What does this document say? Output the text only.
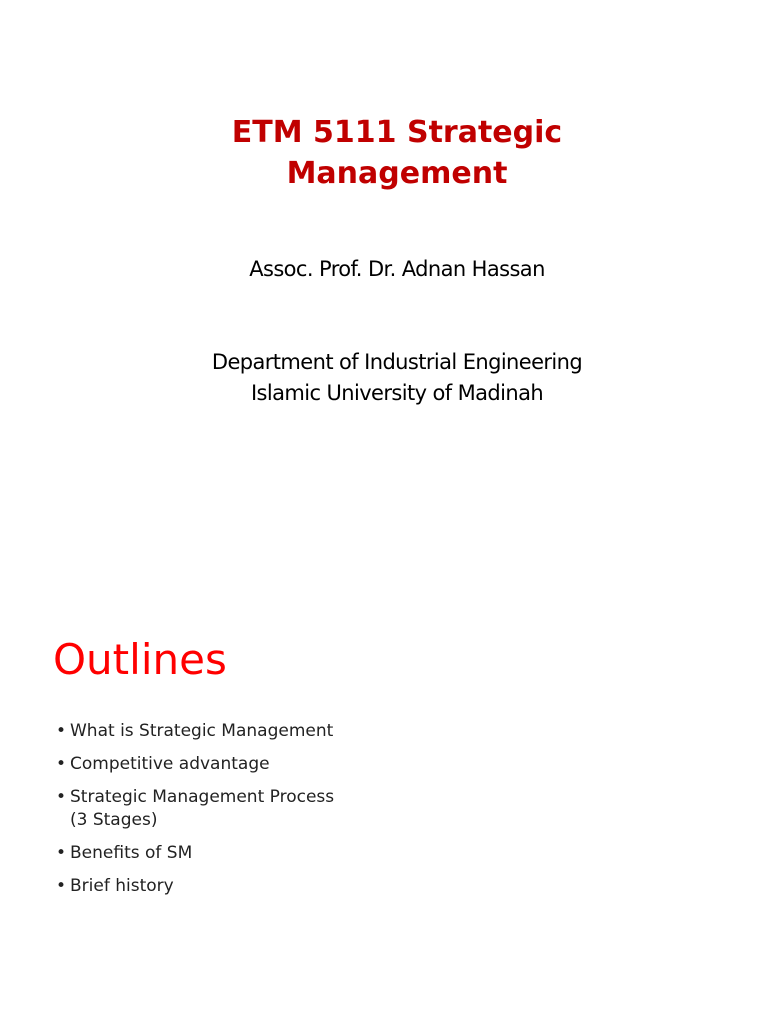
ETM 5111 Strategic
Management
Assoc. Prof. Dr. Adnan Hassan
Department of Industrial Engineering
Islamic University of Madinah
Outlines
• What is Strategic Management
• Competitive advantage
• Strategic Management Process
(3 Stages)
• Benefits of SM
• Brief history
